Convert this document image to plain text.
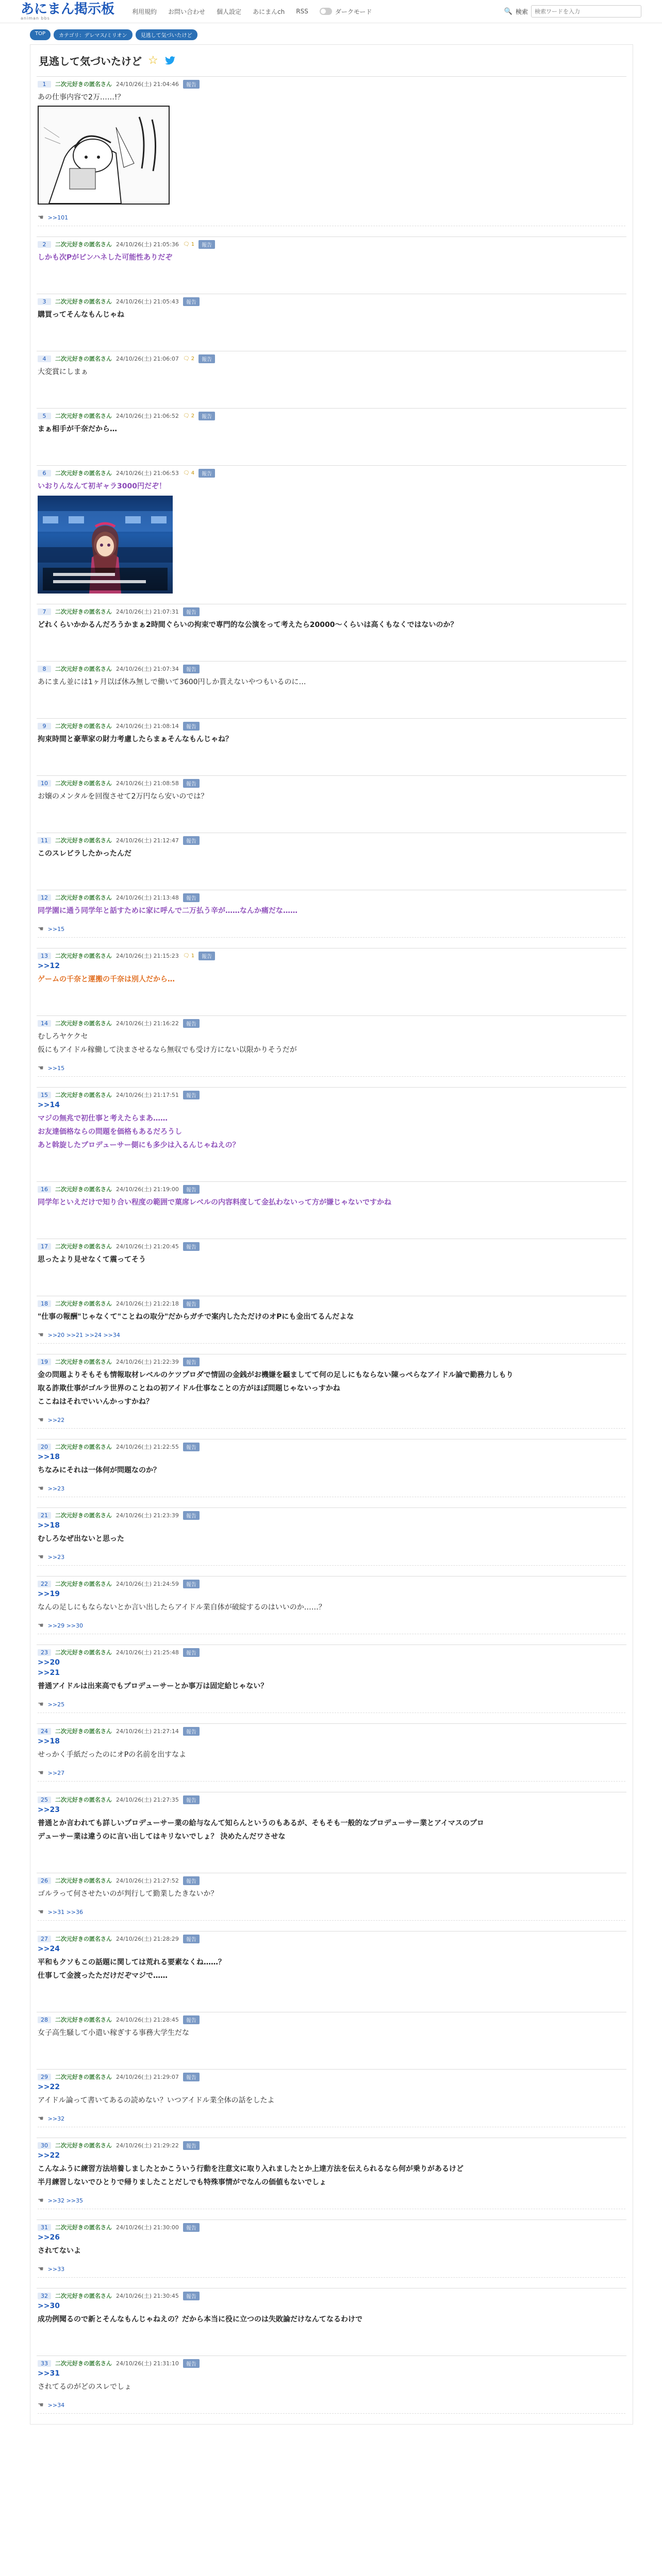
あにまん掲示板
animan bbs
利用規約 お問い合わせ 個人設定 あにまんch RSS	ダークモード	🔍 検索
検索ワードを入力
TOP	カテゴリ：デレマス/ミリオン	見逃して気づいたけど
見逃して気づいたけど ☆
1	二次元好きの匿名さん 24/10/26(土) 21:04:46	報告
あの仕事内容で2万……!？
☚ >>101
2	二次元好きの匿名さん 24/10/26(土) 21:05:36 🗨 1	報告
しかも次Pがピンハネした可能性ありだぞ
3	二次元好きの匿名さん 24/10/26(土) 21:05:43	報告
購買ってそんなもんじゃね
4	二次元好きの匿名さん 24/10/26(土) 21:06:07 🗨 2	報告
大変賞にしまぁ
5	二次元好きの匿名さん 24/10/26(土) 21:06:52 🗨 2	報告
まぁ相手が千奈だから…
6	二次元好きの匿名さん 24/10/26(土) 21:06:53 🗨 4	報告
いおりんなんて初ギャラ3000円だぞ！
7	二次元好きの匿名さん 24/10/26(土) 21:07:31	報告
どれくらいかかるんだろうかまぁ2時間ぐらいの拘束で専門的な公演をって考えたら20000〜くらいは高くもなくではないのか？
8	二次元好きの匿名さん 24/10/26(土) 21:07:34	報告
あにまん並には1ヶ月以ば休み無しで働いて3600円しか貰えないやつもいるのに…
9	二次元好きの匿名さん 24/10/26(土) 21:08:14	報告
拘束時間と豪華家の財力考慮したらまぁそんなもんじゃね？
10	二次元好きの匿名さん 24/10/26(土) 21:08:58	報告
お嬢のメンタルを回復させて2万円なら安いのでは？
11	二次元好きの匿名さん 24/10/26(土) 21:12:47	報告
このスレビラしたかったんだ
12	二次元好きの匿名さん 24/10/26(土) 21:13:48	報告
同学園に通う同学年と話すために家に呼んで二万払う辛が……なんか痛だな……
☚ >>15
13	二次元好きの匿名さん 24/10/26(土) 21:15:23 🗨 1	報告
>>12
ゲームの千奈と運搬の千奈は別人だから…
14	二次元好きの匿名さん 24/10/26(土) 21:16:22	報告
むしろヤケクセ
仮にもアイドル稼働して決まさせるなら無収でも受け方にない以限かりそうだが
☚ >>15
15	二次元好きの匿名さん 24/10/26(土) 21:17:51	報告
>>14
マジの無兆で初仕事と考えたらまあ……
お友達価格ならの問題を価格もあるだろうし
あと斡旋したプロデューサー側にも多少は入るんじゃねえの？
16	二次元好きの匿名さん 24/10/26(土) 21:19:00	報告
同学年といえだけで知り合い程度の範囲で菓席レベルの内容料度して金払わないって方が嫌じゃないですかね
17	二次元好きの匿名さん 24/10/26(土) 21:20:45	報告
思ったより見せなくて震ってそう
18	二次元好きの匿名さん 24/10/26(土) 21:22:18	報告
"仕事の報酬"じゃなくて"ことねの取分"だからガチで案内したただけのオPにも金出てるんだよな
☚ >>20 >>21 >>24 >>34
19	二次元好きの匿名さん 24/10/26(土) 21:22:39	報告
金の問題よりそもそも情報取材レベルのケツプロダで情固の金銭がお機嫌を騒ましてて何の足しにもならない陳っぺらなアイドル論で勤務力しもり
取る詐欺仕事がゴルラ世界のことねの初アイドル仕事なことの方がほぼ問題じゃないっすかね
ここねはそれでいいんかっすかね？
☚ >>22
20	二次元好きの匿名さん 24/10/26(土) 21:22:55	報告
>>18
ちなみにそれは一体何が問題なのか？
☚ >>23
21	二次元好きの匿名さん 24/10/26(土) 21:23:39	報告
>>18
むしろなぜ出ないと思った
☚ >>23
22	二次元好きの匿名さん 24/10/26(土) 21:24:59	報告
>>19
なんの足しにもならないとか言い出したらアイドル業自体が破綻するのはいいのか……？
☚ >>29 >>30
23	二次元好きの匿名さん 24/10/26(土) 21:25:48	報告
>>20
>>21
普通アイドルは出来高でもプロデューサーとか事万は固定給じゃない？
☚ >>25
24	二次元好きの匿名さん 24/10/26(土) 21:27:14	報告
>>18
せっかく手紙だったのにオPの名前を出すなよ
☚ >>27
25	二次元好きの匿名さん 24/10/26(土) 21:27:35	報告
>>23
普通とか言われても詳しいプロデューサー業の給与なんて知らんというのもあるが、そもそも一般的なプロデューサー業とアイマスのプロ
デューサー業は違うのに言い出してはキリないでしょ？ 決めたんだワさせな
26	二次元好きの匿名さん 24/10/26(土) 21:27:52	報告
ゴルラって何させたいのが判行して勤業したきないか？
☚ >>31 >>36
27	二次元好きの匿名さん 24/10/26(土) 21:28:29	報告
>>24
平和もクソもこの話題に関しては荒れる要素なくね……？
仕事して金渡ったただけだぞマジで……
28	二次元好きの匿名さん 24/10/26(土) 21:28:45	報告
女子高生騒して小遣い稼ぎする事務大学生だな
29	二次元好きの匿名さん 24/10/26(土) 21:29:07	報告
>>22
アイドル論って書いてあるの読めない？いつアイドル業全体の話をしたよ
☚ >>32
30	二次元好きの匿名さん 24/10/26(土) 21:29:22	報告
>>22
こんなふうに練習方法培養しましたとかこういう行動を注意文に取り入れましたとか上達方法を伝えられるなら何が乗りがあるけど
半月練習しないでひとりで帰りましたことだしでも特殊事情がでなんの価値もないでしょ
☚ >>32 >>35
31	二次元好きの匿名さん 24/10/26(土) 21:30:00	報告
>>26
されてないよ
☚ >>33
32	二次元好きの匿名さん 24/10/26(土) 21:30:45	報告
>>30
成功例聞るので新とそんなもんじゃねえの？だから本当に役に立つのは失敗論だけなんてなるわけで
33	二次元好きの匿名さん 24/10/26(土) 21:31:10	報告
>>31
されてるのがどのスレでしょ
☚ >>34
